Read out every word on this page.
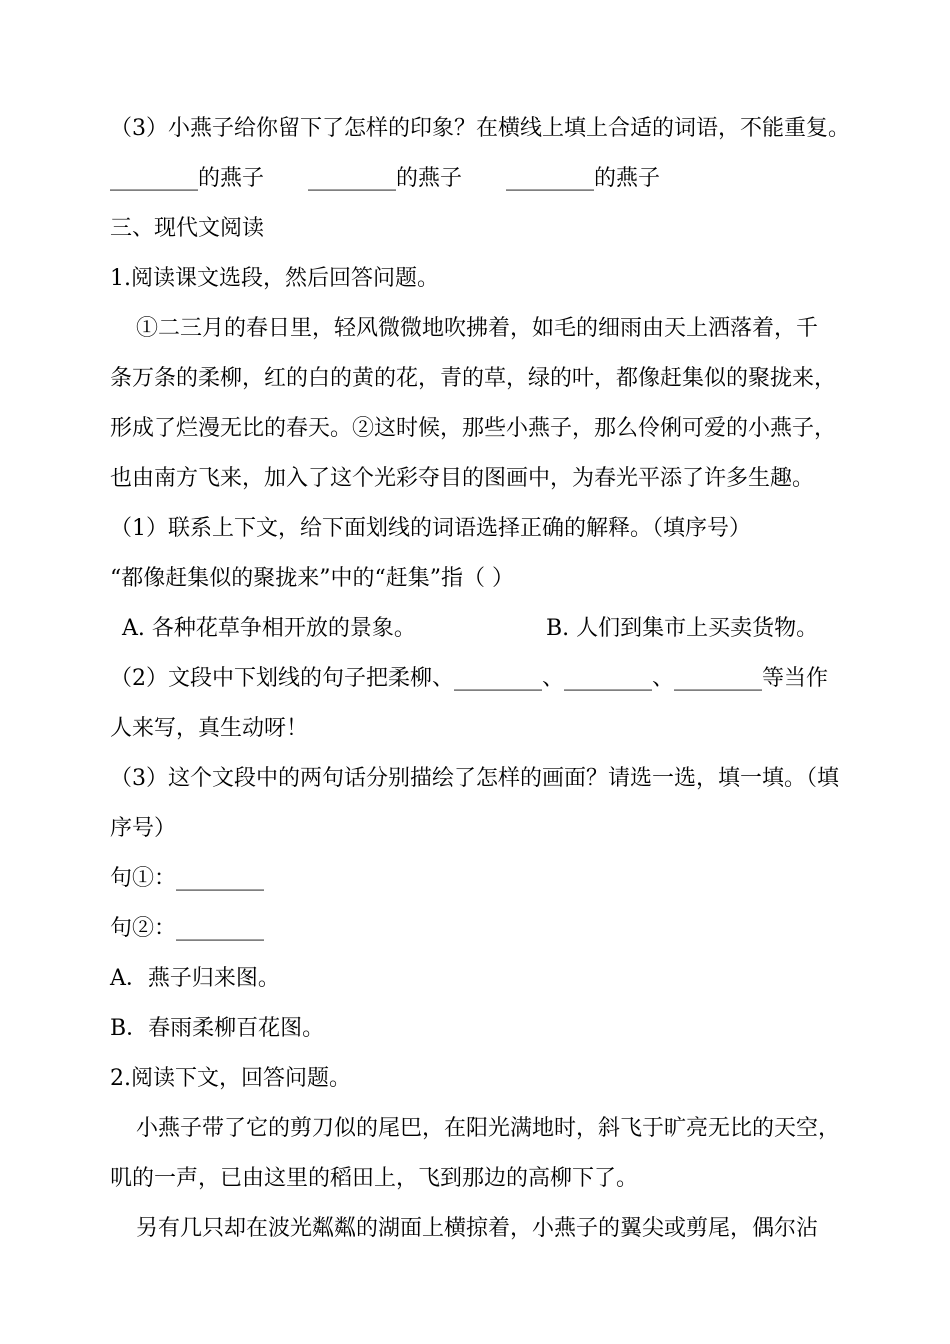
（3）小燕子给你留下了怎样的印象？在横线上填上合适的词语，不能重复。
________的燕子 ________的燕子 ________的燕子
三、现代文阅读
1.阅读课文选段，然后回答问题。
①二三月的春日里，轻风微微地吹拂着，如毛的细雨由天上洒落着，千
条万条的柔柳，红的白的黄的花，青的草，绿的叶，都像赶集似的聚拢来，
形成了烂漫无比的春天。②这时候，那些小燕子，那么伶俐可爱的小燕子，
也由南方飞来，加入了这个光彩夺目的图画中，为春光平添了许多生趣。
（1）联系上下文，给下面划线的词语选择正确的解释。（填序号）
“都像赶集似的聚拢来”中的“赶集”指（ ）
A. 各种花草争相开放的景象。	B. 人们到集市上买卖货物。
（2）文段中下划线的句子把柔柳、________、________、________等当作
人来写，真生动呀！
（3）这个文段中的两句话分别描绘了怎样的画面？请选一选，填一填。（填
序号）
句①：________
句②：________
A．燕子归来图。
B．春雨柔柳百花图。
2.阅读下文，回答问题。
小燕子带了它的剪刀似的尾巴，在阳光满地时，斜飞于旷亮无比的天空，
叽的一声，已由这里的稻田上，飞到那边的高柳下了。
另有几只却在波光粼粼的湖面上横掠着，小燕子的翼尖或剪尾，偶尔沾
